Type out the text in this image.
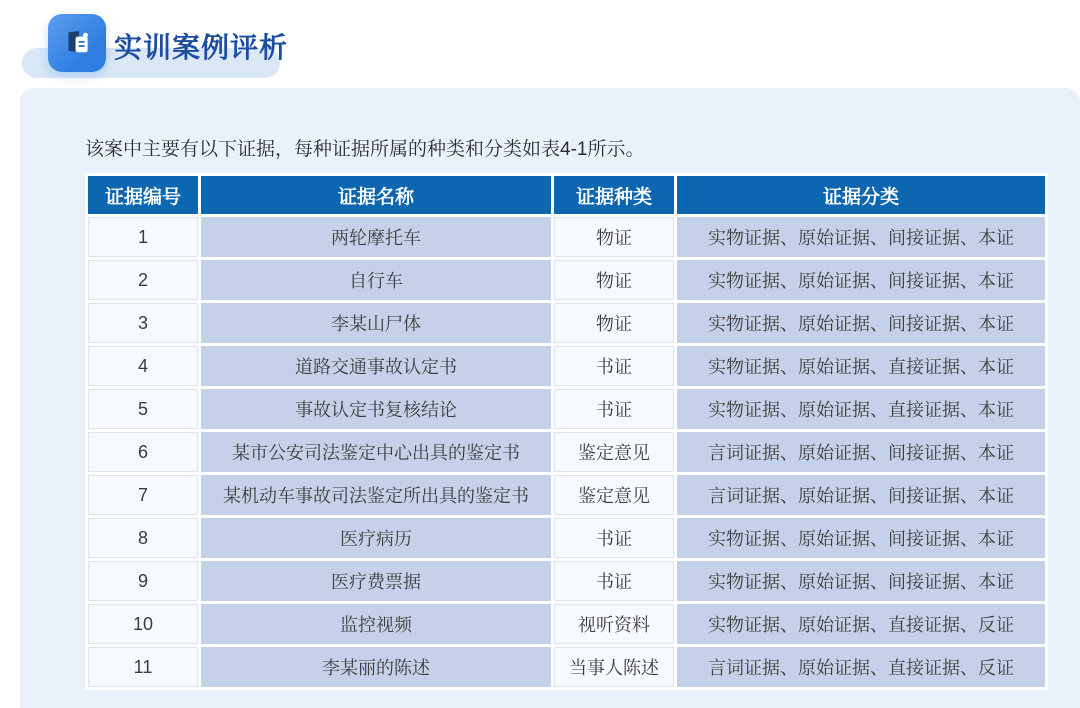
实训案例评析
该案中主要有以下证据，每种证据所属的种类和分类如表4-1所示。
证据编号	证据名称	证据种类	证据分类
1	两轮摩托车	物证	实物证据、原始证据、间接证据、本证
2	自行车	物证	实物证据、原始证据、间接证据、本证
3	李某山尸体	物证	实物证据、原始证据、间接证据、本证
4	道路交通事故认定书	书证	实物证据、原始证据、直接证据、本证
5	事故认定书复核结论	书证	实物证据、原始证据、直接证据、本证
6	某市公安司法鉴定中心出具的鉴定书	鉴定意见	言词证据、原始证据、间接证据、本证
7	某机动车事故司法鉴定所出具的鉴定书	鉴定意见	言词证据、原始证据、间接证据、本证
8	医疗病历	书证	实物证据、原始证据、间接证据、本证
9	医疗费票据	书证	实物证据、原始证据、间接证据、本证
10	监控视频	视听资料	实物证据、原始证据、直接证据、反证
11	李某丽的陈述	当事人陈述	言词证据、原始证据、直接证据、反证
